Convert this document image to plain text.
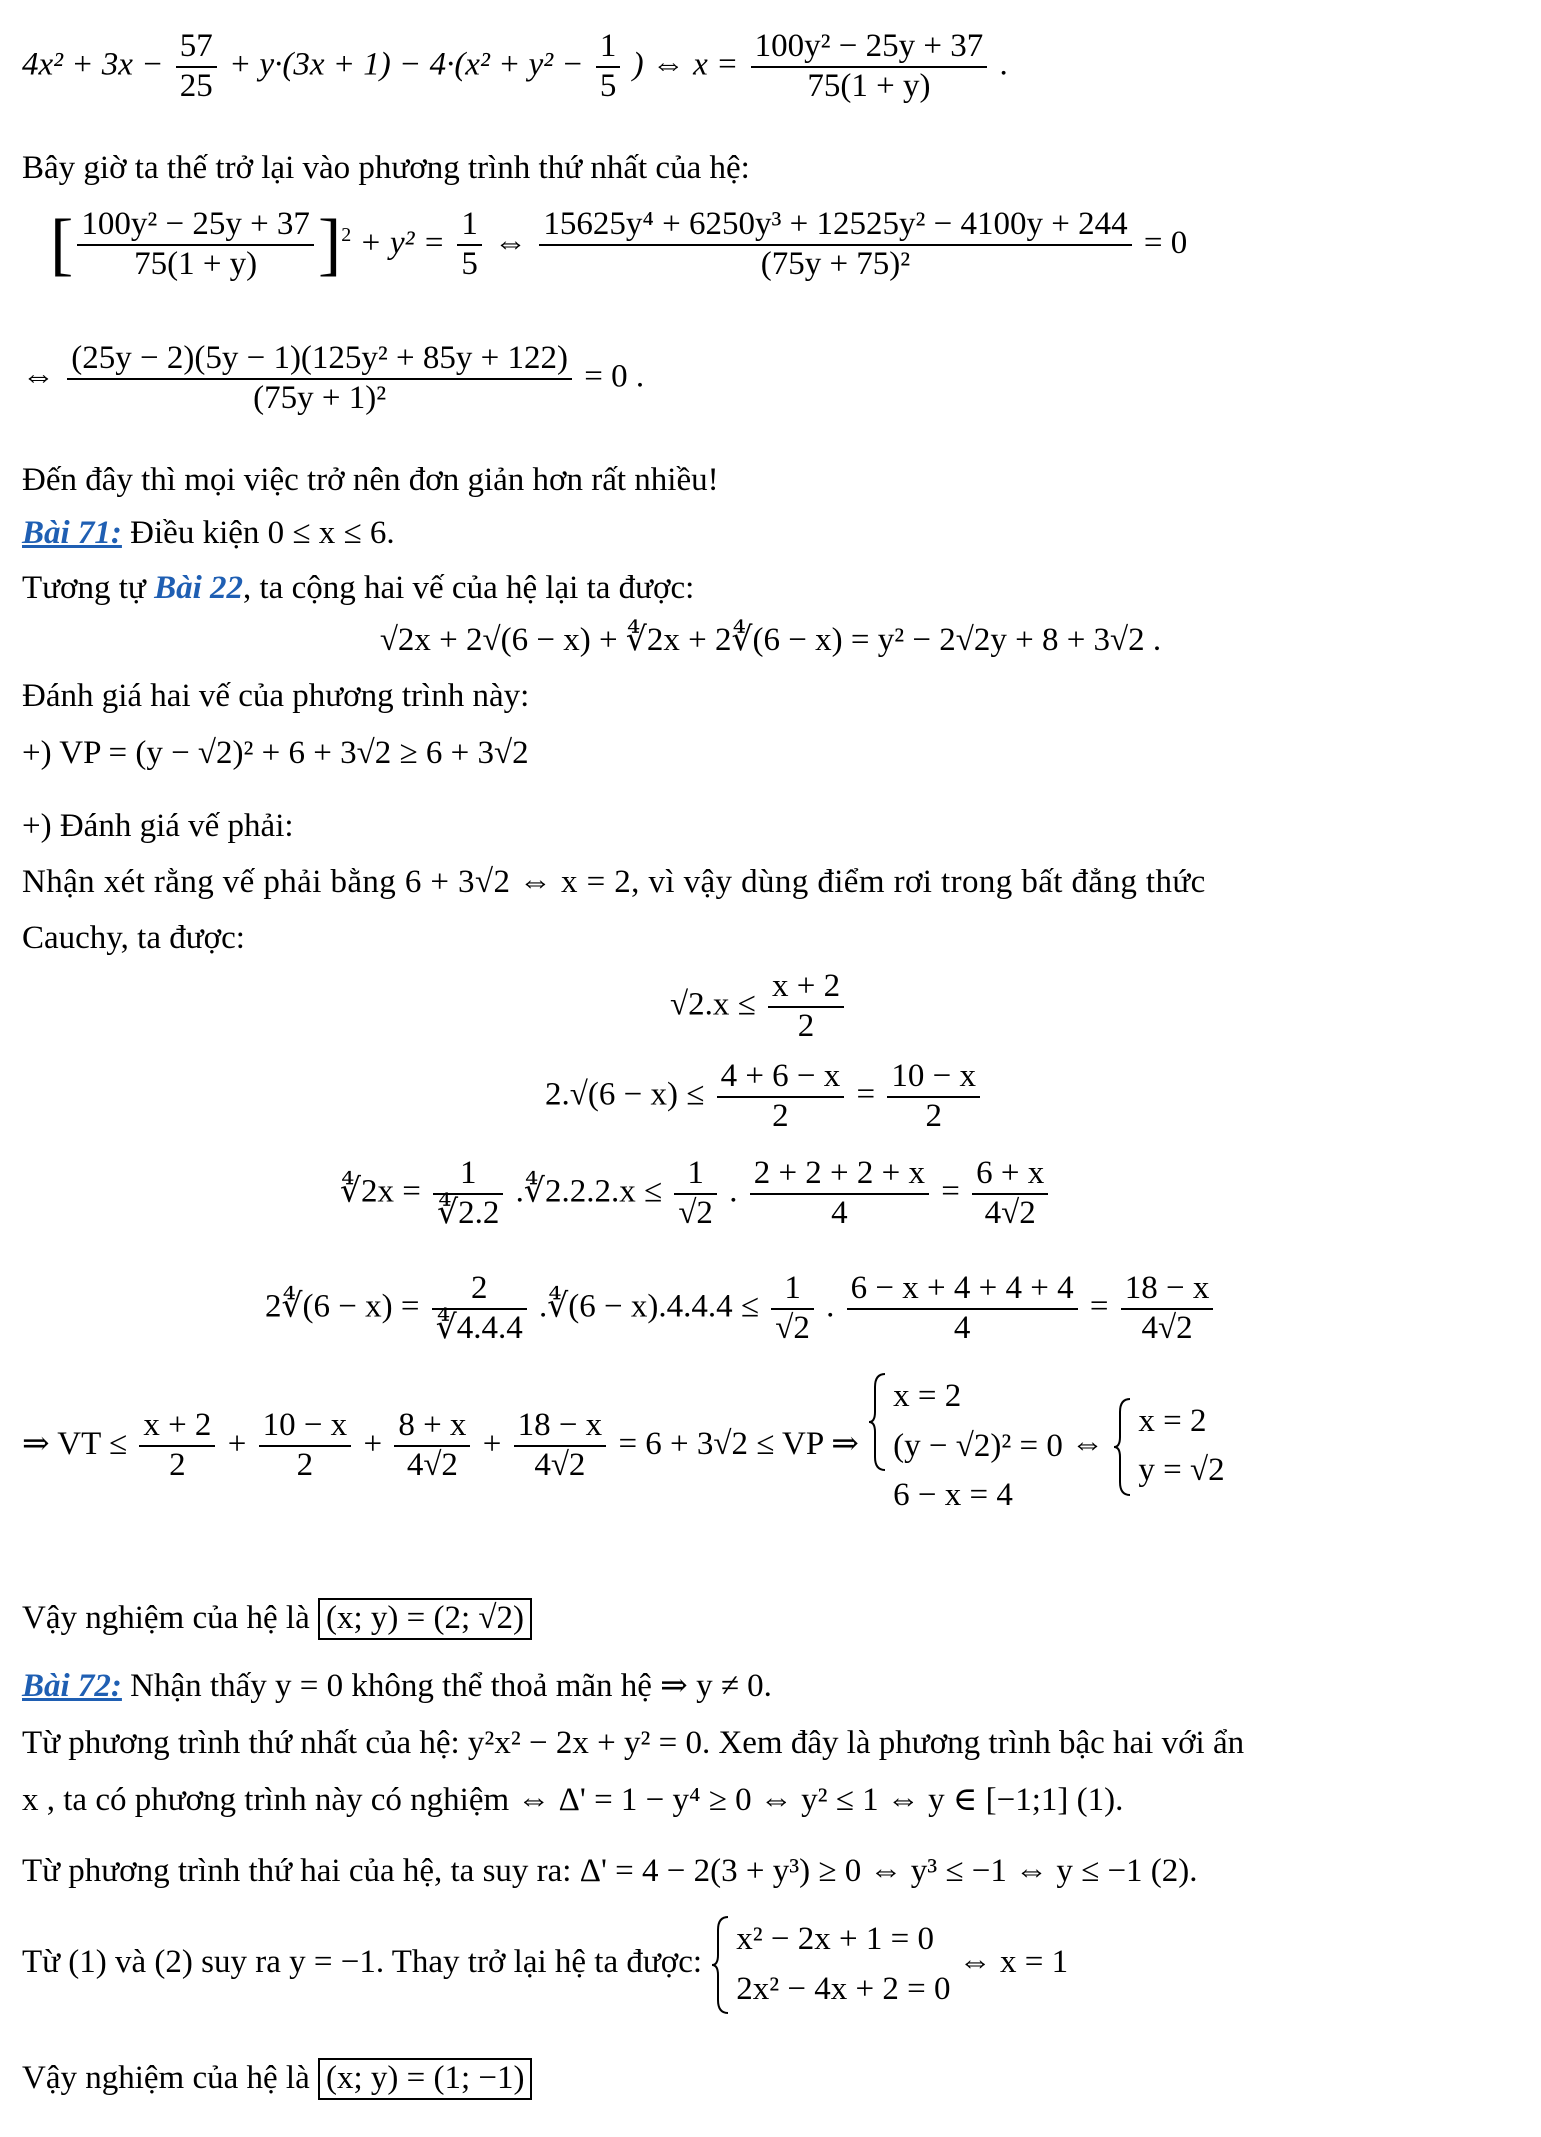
$4x^2 + 3x - \frac{57}{25} + y\cdot(3x + 1) - 4\cdot(x^2 + y^2 - \frac{1}{5}$ ) ⇔ $x = \frac{\text{100y² − 25y + 37}}{75(1 + y)}$ .
Bây giờ ta thế trở lại vào phương trình thứ nhất của hệ:
[ $\frac{\text{100y² − 25y + 37}}{75(1 + y)} ]^2 + y^2 = \frac{1}{5}$ ⇔ $\frac{\text{15625y⁴ + 6250y³ + 12525y² − 4100y + 244}}{\text{(75y + 75)²}} = 0$
⇔ $\frac{\text{(25y − 2)(5y − 1)(125y² + 85y + 122)}}{\text{(75y + 1)²}} = 0$ .
Đến đây thì mọi việc trở nên đơn giản hơn rất nhiều!
Bài 71: Điều kiện 0 ≤ x ≤ 6.
Tương tự Bài 22, ta cộng hai vế của hệ lại ta được:
√2x + 2√(6 − x) + ∜2x + 2∜(6 − x) = y² − 2√2y + 8 + 3√2 .
Đánh giá hai vế của phương trình này:
+) VP = (y − √2)² + 6 + 3√2 ≥ 6 + 3√2
+) Đánh giá vế phải:
Nhận xét rằng vế phải bằng 6 + 3√2 ⇔ x = 2, vì vậy dùng điểm rơi trong bất đẳng thức
Cauchy, ta được:
$√2.x \le \frac{x + 2}{2}$
$2.√(6 - x) \le \frac{4 + 6 - x}{2} = \frac{10 - x}{2}$
∜2x = $\frac{1}{∜2.2}$ .∜2.2.2.x ≤ $\frac{1}{√2}$ . $\frac{2 + 2 + 2 + x}{4} = \frac{6 + x}{4√2}$
2∜(6 − $x) = \frac{2}{∜4.4.4}$ .∜(6 − $x).4.4.4 \le \frac{1}{√2}$ . $\frac{6 - x + 4 + 4 + 4}{4} = \frac{18 - x}{4√2}$
⇒ VT ≤ $\frac{x + 2}{2} + \frac{10 - x}{2} + \frac{8 + x}{4√2} + \frac{18 - x}{4√2} = 6 + 3√2$ ≤ VP ⇒
x = 2
(y − √2)² = 0
6 − x = 4
⇔
x = 2
y = √2
Vậy nghiệm của hệ là (x; y) = (2; √2)
Bài 72: Nhận thấy y = 0 không thể thoả mãn hệ ⇒ y ≠ 0.
Từ phương trình thứ nhất của hệ: y²x² − 2x + y² = 0. Xem đây là phương trình bậc hai với ẩn
x , ta có phương trình này có nghiệm ⇔ Δ' = 1 − y⁴ ≥ 0 ⇔ y² ≤ 1 ⇔ y ∈ [−1;1] (1).
Từ phương trình thứ hai của hệ, ta suy ra: Δ' = 4 − 2(3 + y³) ≥ 0 ⇔ y³ ≤ −1 ⇔ y ≤ −1 (2).
Từ (1) và (2) suy ra y = −1. Thay trở lại hệ ta được:
x² − 2x + 1 = 0
2x² − 4x + 2 = 0
⇔ x = 1
Vậy nghiệm của hệ là (x; y) = (1; −1)
